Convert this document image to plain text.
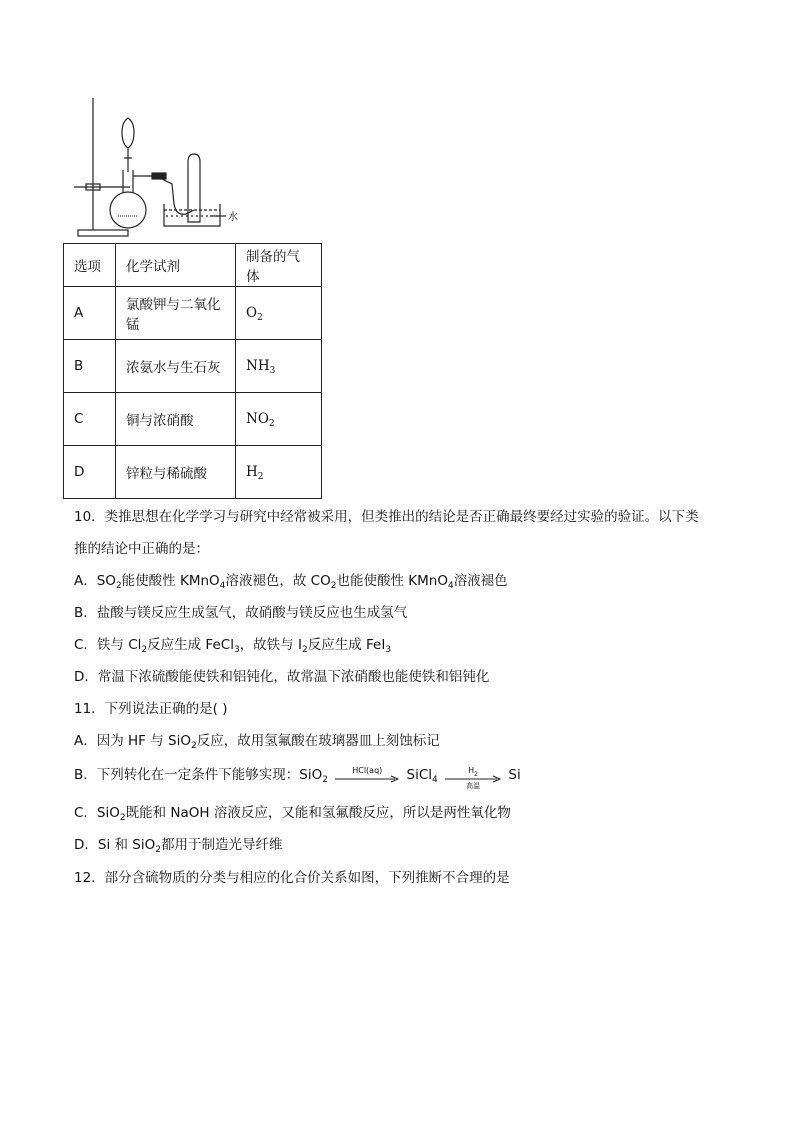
水
选项	化学试剂	制备的气体
A	氯酸钾与二氧化锰	$O_2$
B	浓氨水与生石灰	$NH_3$
C	铜与浓硝酸	$NO_2$
D	锌粒与稀硫酸	$H_2$
10．类推思想在化学学习与研究中经常被采用，但类推出的结论是否正确最终要经过实验的验证。以下类
推的结论中正确的是：
A．$SO_2$能使酸性 KMnO$_4$溶液褪色，故 $CO_2$也能使酸性 KMnO$_4$溶液褪色
B．盐酸与镁反应生成氢气，故硝酸与镁反应也生成氢气
C．铁与 $Cl_2$反应生成 FeCl$_3$，故铁与 $I_2$反应生成 FeI$_3$
D．常温下浓硫酸能使铁和铝钝化，故常温下浓硝酸也能使铁和铝钝化
11．下列说法正确的是( )
A．因为 HF 与 SiO$_2$反应，故用氢氟酸在玻璃器皿上刻蚀标记
B．下列转化在一定条件下能够实现：SiO$_2$
HCl(aq)	SiCl$_4$
$H_2$
高温
Si
C．SiO$_2$既能和 NaOH 溶液反应，又能和氢氟酸反应，所以是两性氧化物
D．Si 和 SiO$_2$都用于制造光导纤维
12．部分含硫物质的分类与相应的化合价关系如图，下列推断不合理的是
